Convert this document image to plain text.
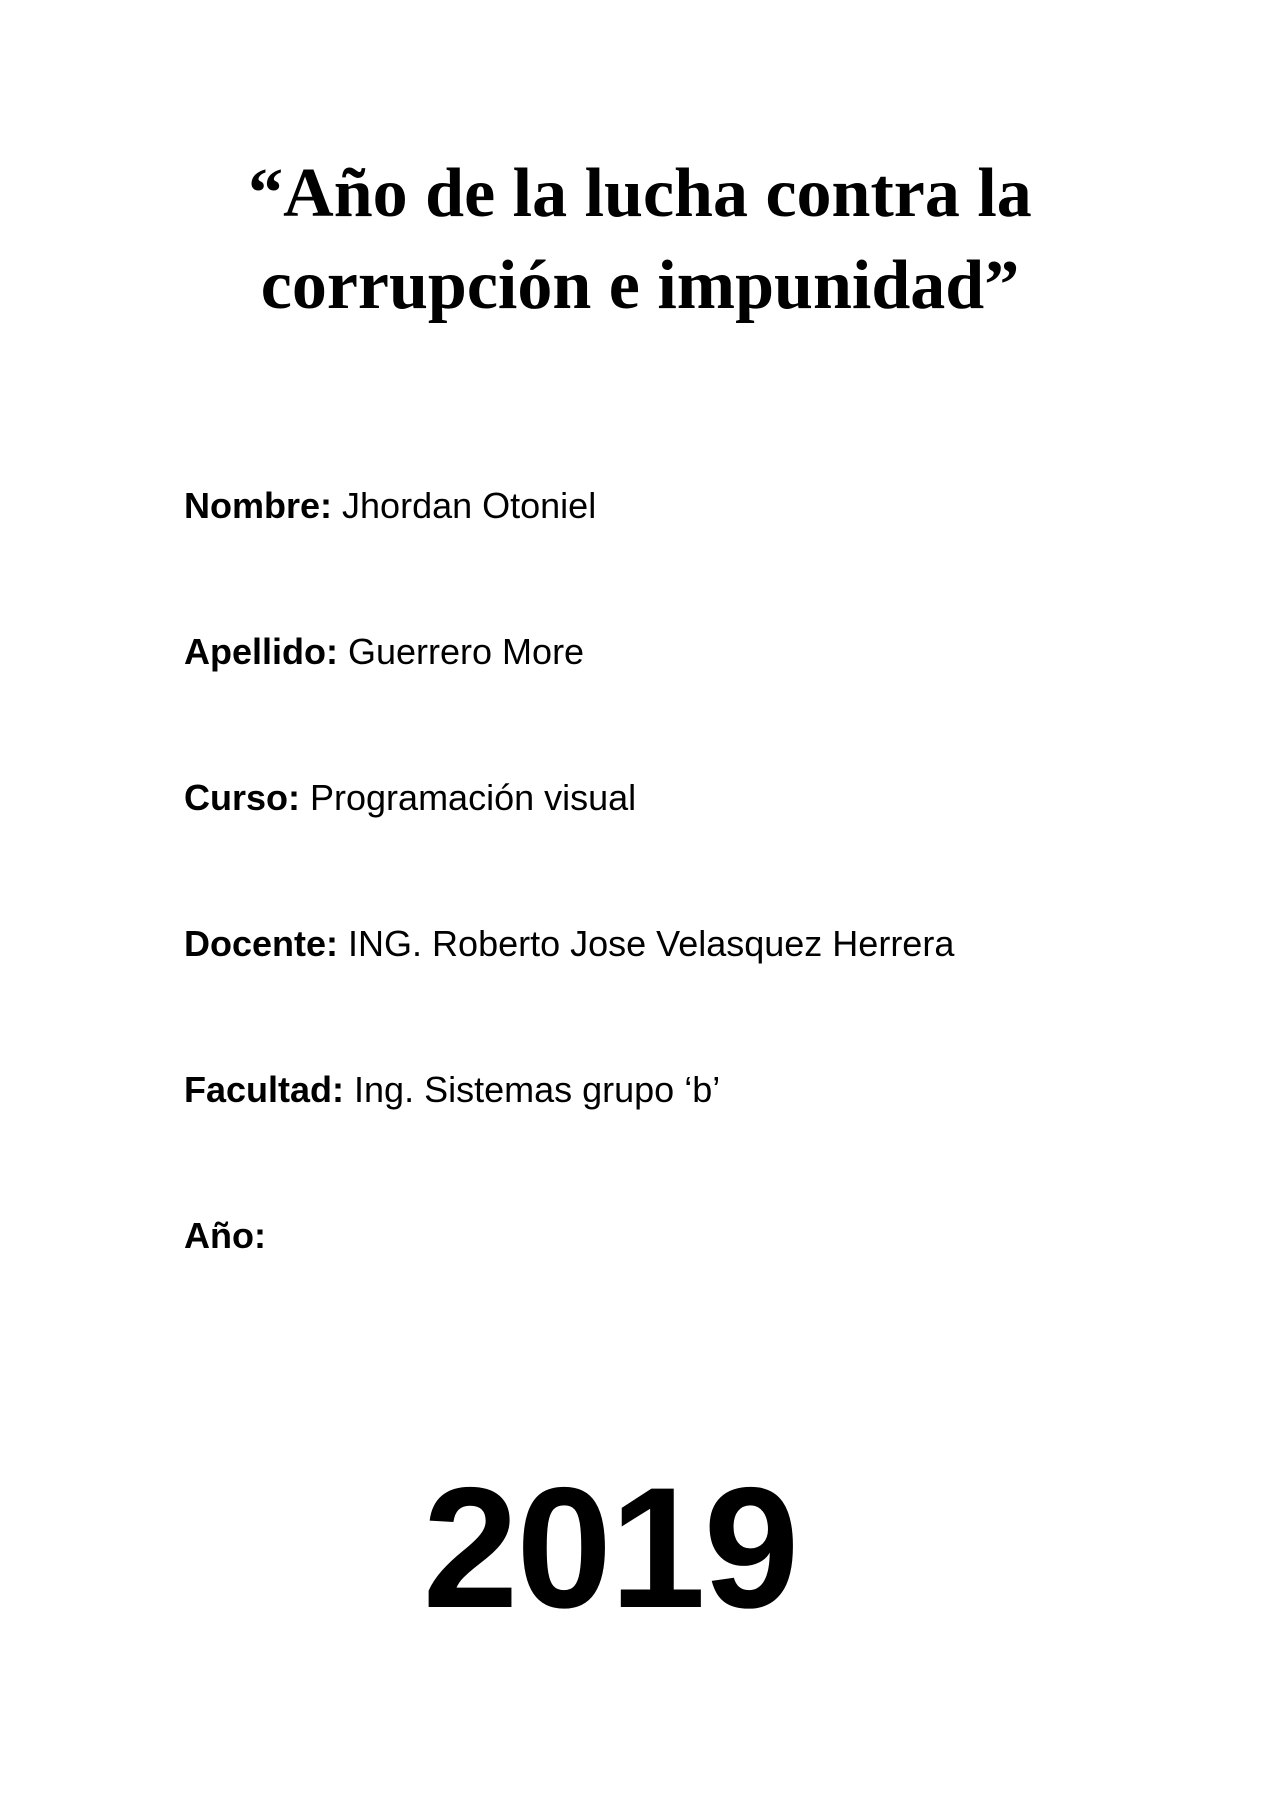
“Año de la lucha contra la
corrupción e impunidad”
Nombre: Jhordan Otoniel
Apellido: Guerrero More
Curso: Programación visual
Docente: ING. Roberto Jose Velasquez Herrera
Facultad: Ing. Sistemas grupo ‘b’
Año:
2019
